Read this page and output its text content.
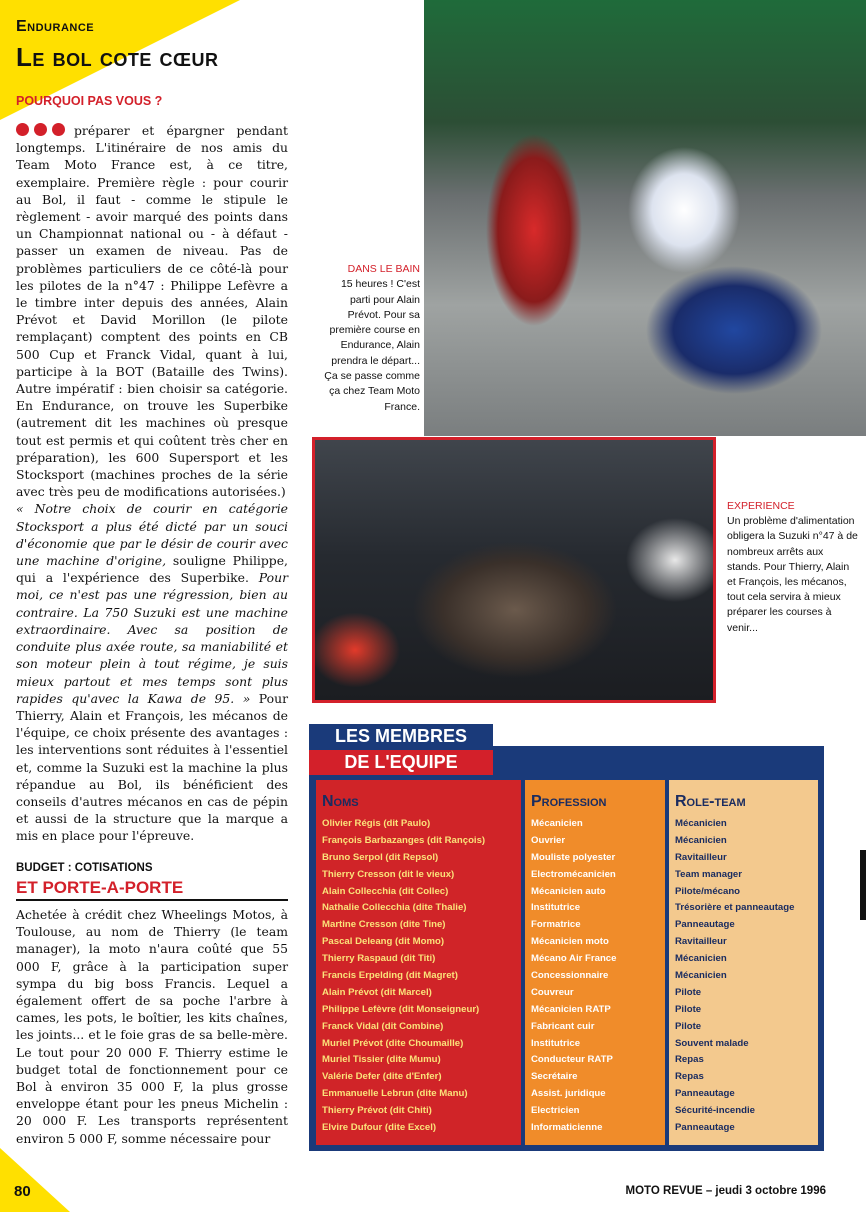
Endurance
Le bol cote cœur
POURQUOI PAS VOUS ?

préparer et épargner pendant longtemps. L'itinéraire de nos amis du Team Moto France est, à ce titre, exemplaire. Première règle : pour courir au Bol, il faut - comme le stipule le règlement - avoir marqué des points dans un Championnat national ou - à défaut - passer un examen de niveau. Pas de problèmes particuliers de ce côté-là pour les pilotes de la n°47 : Philippe Lefèvre a le timbre inter depuis des années, Alain Prévot et David Morillon (le pilote remplaçant) comptent des points en CB 500 Cup et Franck Vidal, quant à lui, participe à la BOT (Bataille des Twins). Autre impératif : bien choisir sa catégorie. En Endurance, on trouve les Superbike (autrement dit les machines où presque tout est permis et qui coûtent très cher en préparation), les 600 Supersport et les Stocksport (machines proches de la série avec très peu de modifications autorisées.)
« Notre choix de courir en catégorie Stocksport a plus été dicté par un souci d'économie que par le désir de courir avec une machine d'origine, souligne Philippe, qui a l'expérience des Superbike. Pour moi, ce n'est pas une régression, bien au contraire. La 750 Suzuki est une machine extraordinaire. Avec sa position de conduite plus axée route, sa maniabilité et son moteur plein à tout régime, je suis mieux partout et mes temps sont plus rapides qu'avec la Kawa de 95. » Pour Thierry, Alain et François, les mécanos de l'équipe, ce choix présente des avantages : les interventions sont réduites à l'essentiel et, comme la Suzuki est la machine la plus répandue au Bol, ils bénéficient des conseils d'autres mécanos en cas de pépin et aussi de la structure que la marque a mis en place pour l'épreuve.

BUDGET : COTISATIONS
ET PORTE-A-PORTE

Achetée à crédit chez Wheelings Motos, à Toulouse, au nom de Thierry (le team manager), la moto n'aura coûté que 55 000 F, grâce à la participation super sympa du big boss Francis. Lequel a également offert de sa poche l'arbre à cames, les pots, le boîtier, les kits chaînes, les joints... et le foie gras de sa belle-mère. Le tout pour 20 000 F. Thierry estime le budget total de fonctionnement pour ce Bol à environ 35 000 F, la plus grosse enveloppe étant pour les pneus Michelin : 20 000 F. Les transports représentent environ 5 000 F, somme nécessaire pour

DANS LE BAIN
15 heures ! C'est parti pour Alain Prévot. Pour sa première course en Endurance, Alain prendra le départ... Ça se passe comme ça chez Team Moto France.
EXPERIENCE
Un problème d'alimentation obligera la Suzuki n°47 à de nombreux arrêts aux stands. Pour Thierry, Alain et François, les mécanos, tout cela servira à mieux préparer les courses à venir...
LES MEMBRES
DE L'EQUIPE
Noms
Olivier Régis (dit Paulo)
François Barbazanges (dit Rançois)
Bruno Serpol (dit Repsol)
Thierry Cresson (dit le vieux)
Alain Collecchia (dit Collec)
Nathalie Collecchia (dite Thalie)
Martine Cresson (dite Tine)
Pascal Deleang (dit Momo)
Thierry Raspaud (dit Titi)
Francis Erpelding (dit Magret)
Alain Prévot (dit Marcel)
Philippe Lefèvre (dit Monseigneur)
Franck Vidal (dit Combine)
Muriel Prévot (dite Choumaille)
Muriel Tissier (dite Mumu)
Valérie Defer (dite d'Enfer)
Emmanuelle Lebrun (dite Manu)
Thierry Prévot (dit Chiti)
Elvire Dufour (dite Excel)
Profession
Mécanicien
Ouvrier
Mouliste polyester
Electromécanicien
Mécanicien auto
Institutrice
Formatrice
Mécanicien moto
Mécano Air France
Concessionnaire
Couvreur
Mécanicien RATP
Fabricant cuir
Institutrice
Conducteur RATP
Secrétaire
Assist. juridique
Electricien
Informaticienne
Role-team
Mécanicien
Mécanicien
Ravitailleur
Team manager
Pilote/mécano
Trésorière et panneautage
Panneautage
Ravitailleur
Mécanicien
Mécanicien
Pilote
Pilote
Pilote
Souvent malade
Repas
Repas
Panneautage
Sécurité-incendie
Panneautage
80	MOTO REVUE – jeudi 3 octobre 1996
